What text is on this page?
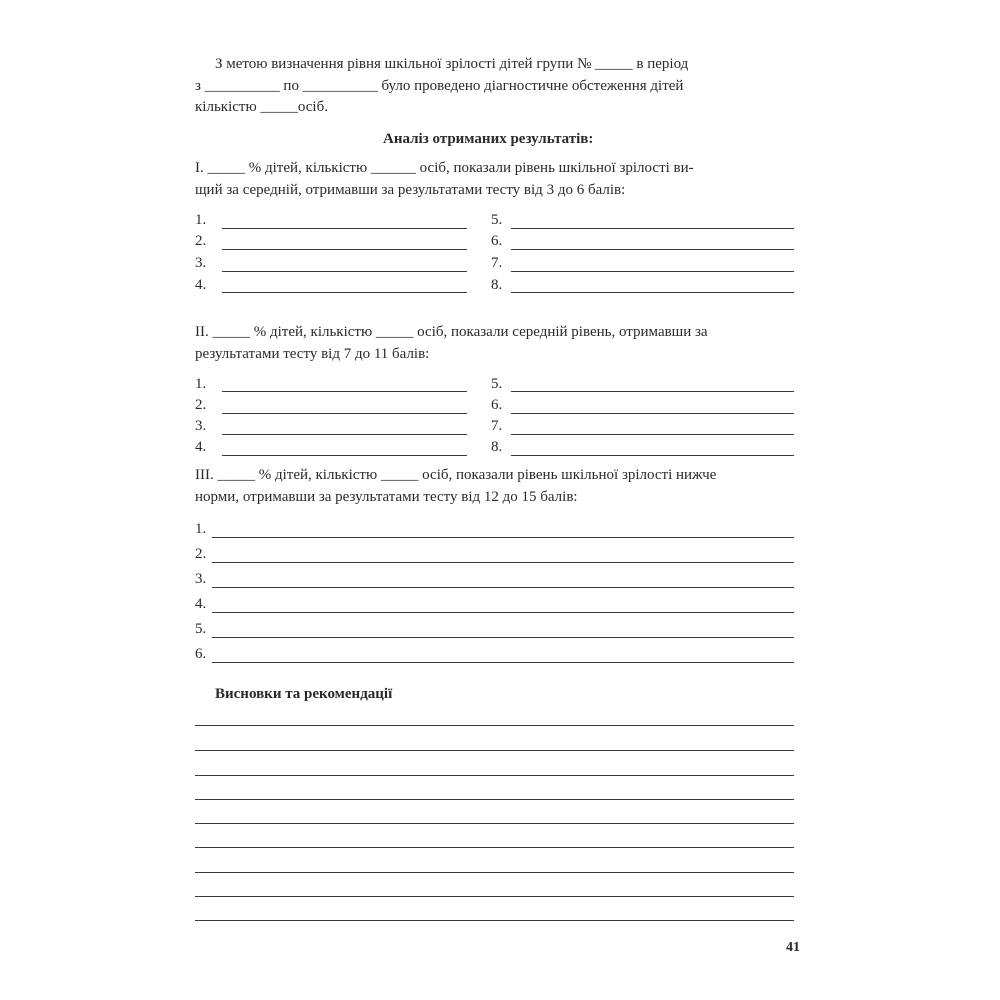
З метою визначення рівня шкільної зрілості дітей групи № _____ в період
з __________ по __________ було проведено діагностичне обстеження дітей
кількістю _____осіб.
Аналіз отриманих результатів:
І. _____ % дітей, кількістю ______ осіб, показали рівень шкільної зрілості ви-
щий за середній, отримавши за результатами тесту від 3 до 6 балів:
1.
2.
3.
4.
5.
6.
7.
8.
ІІ. _____ % дітей, кількістю _____ осіб, показали середній рівень, отримавши за
результатами тесту від 7 до 11 балів:
1.
2.
3.
4.
5.
6.
7.
8.
ІІІ. _____ % дітей, кількістю _____ осіб, показали рівень шкільної зрілості нижче
норми, отримавши за результатами тесту від 12 до 15 балів:
1.
2.
3.
4.
5.
6.
Висновки та рекомендації
41
